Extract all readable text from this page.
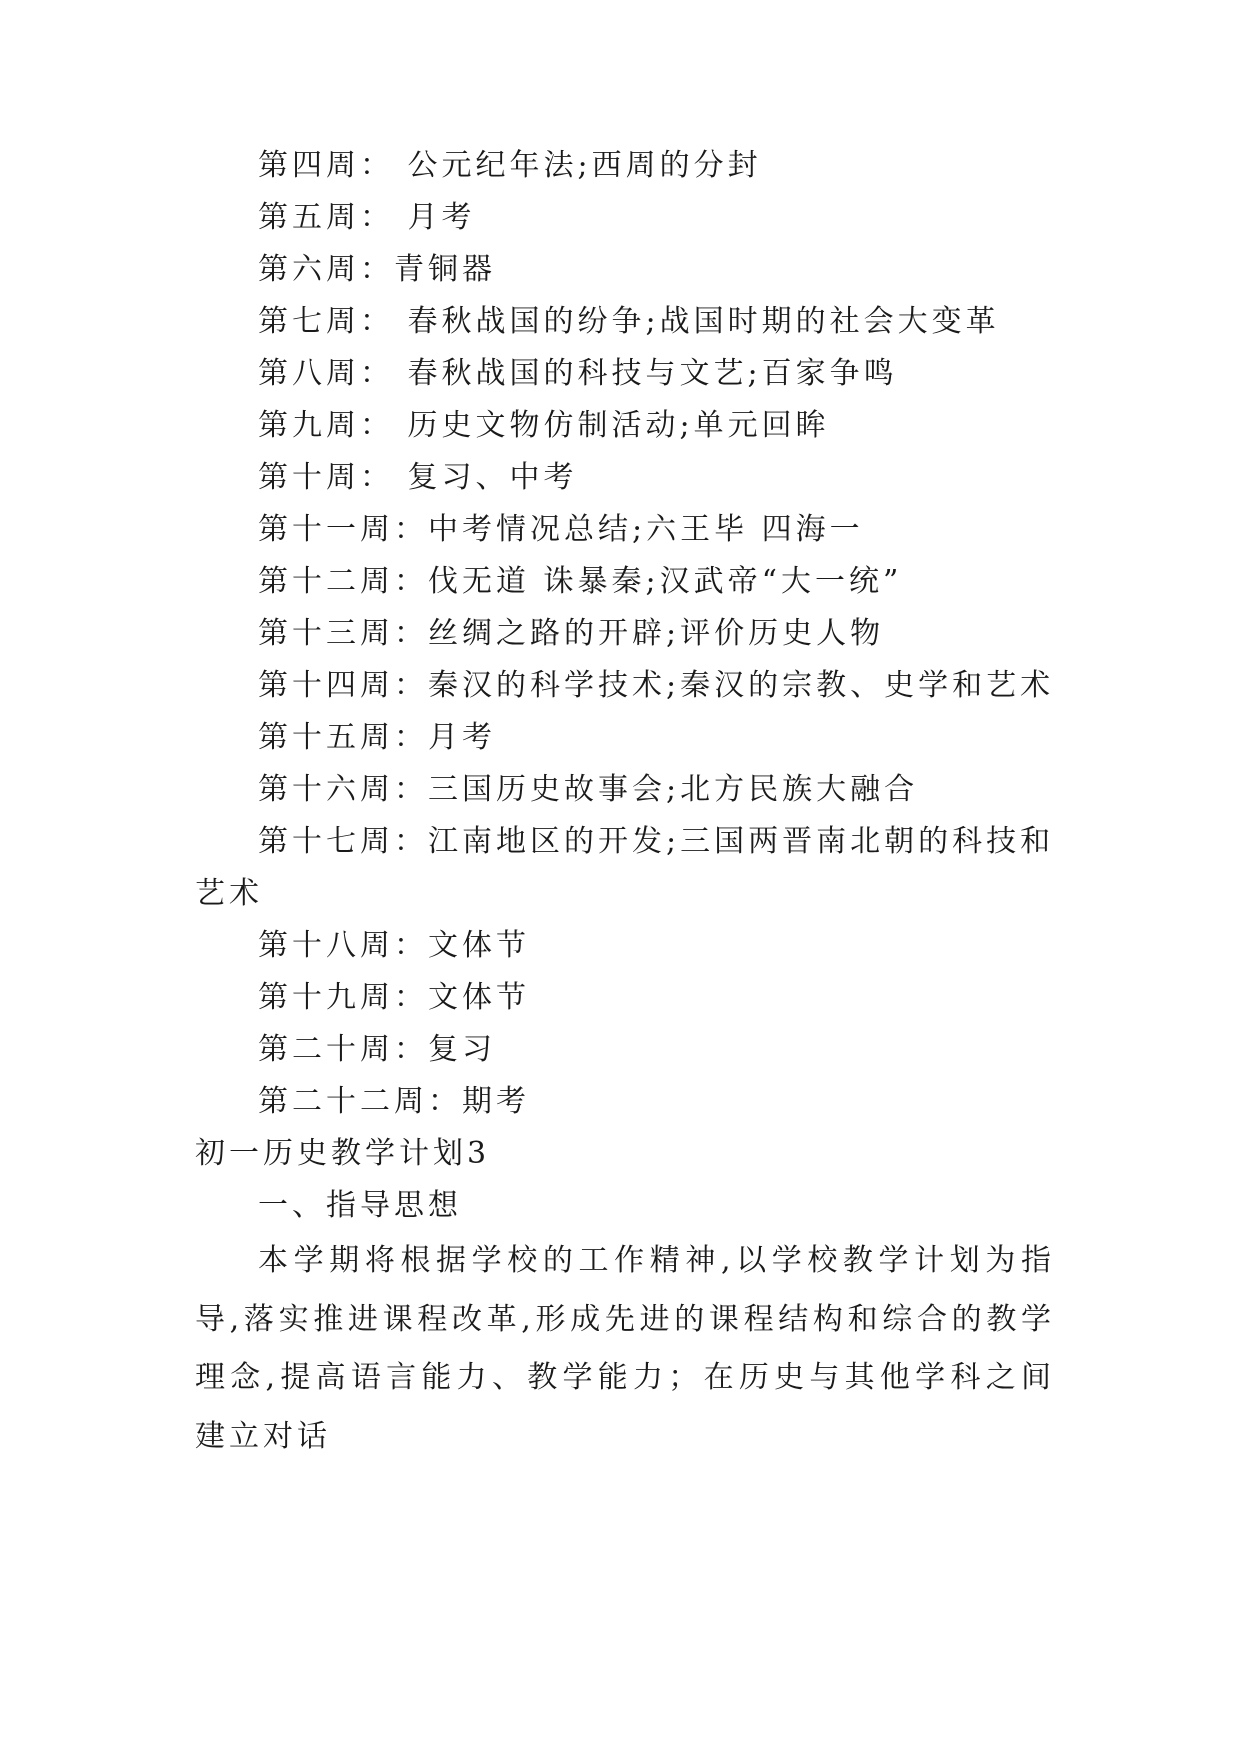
第四周： 公元纪年法;西周的分封
第五周： 月考
第六周：青铜器
第七周： 春秋战国的纷争;战国时期的社会大变革
第八周： 春秋战国的科技与文艺;百家争鸣
第九周： 历史文物仿制活动;单元回眸
第十周： 复习、中考
第十一周：中考情况总结;六王毕 四海一
第十二周：伐无道 诛暴秦;汉武帝“大一统”
第十三周：丝绸之路的开辟;评价历史人物
第十四周：秦汉的科学技术;秦汉的宗教、史学和艺术
第十五周：月考
第十六周：三国历史故事会;北方民族大融合
第十七周：江南地区的开发;三国两晋南北朝的科技和
艺术
第十八周：文体节
第十九周：文体节
第二十周：复习
第二十二周：期考
初一历史教学计划3
一、指导思想
本学期将根据学校的工作精神,以学校教学计划为指导,落实推进课程改革,形成先进的课程结构和综合的教学理念,提高语言能力、教学能力；在历史与其他学科之间建立对话
